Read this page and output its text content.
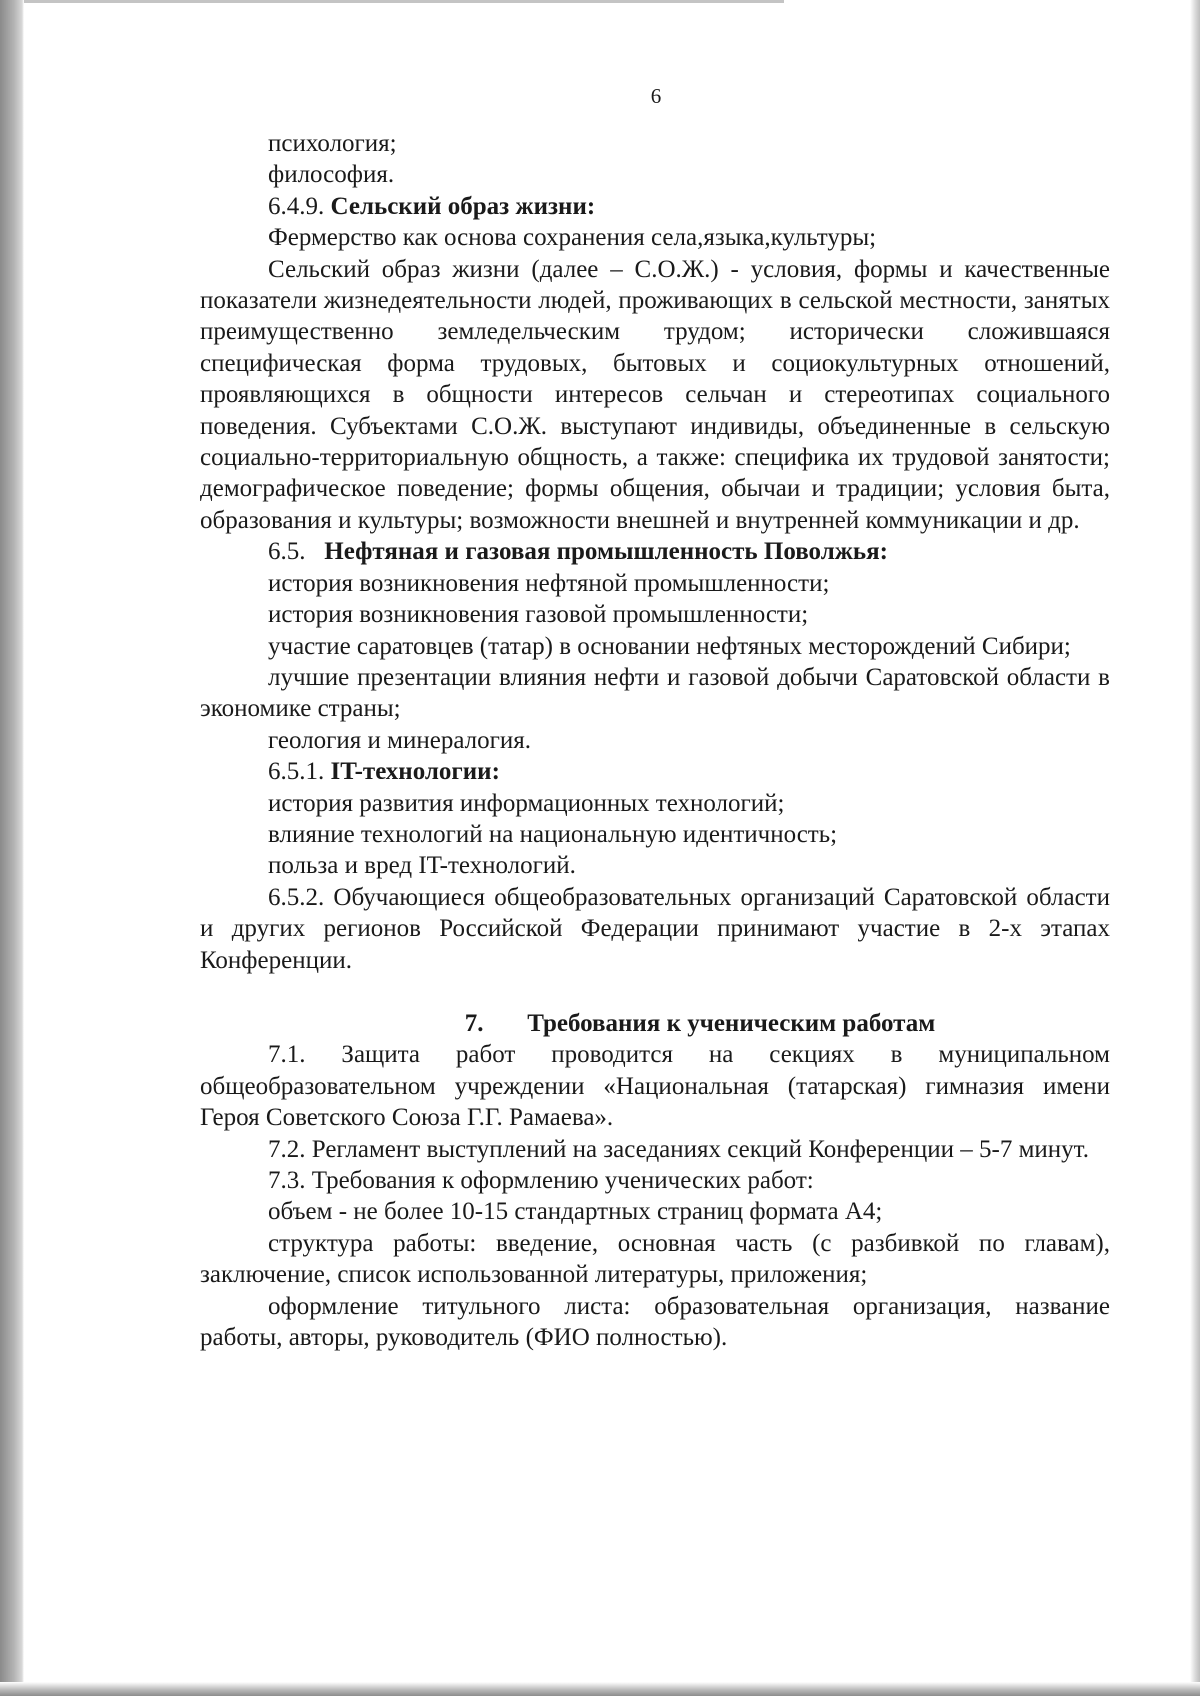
6

психология;

философия.

6.4.9. Сельский образ жизни:

Фермерство как основа сохранения села,языка,культуры;

Сельский образ жизни (далее – С.О.Ж.) - условия, формы и качественные показатели жизнедеятельности людей, проживающих в сельской местности, занятых преимущественно земледельческим трудом; исторически сложившаяся специфическая форма трудовых, бытовых и социокультурных отношений, проявляющихся в общности интересов сельчан и стереотипах социального поведения. Субъектами С.О.Ж. выступают индивиды, объединенные в сельскую социально-территориальную общность, а также: специфика их трудовой занятости; демографическое поведение; формы общения, обычаи и традиции; условия быта, образования и культуры; возможности внешней и внутренней коммуникации и др.

6.5. Нефтяная и газовая промышленность Поволжья:

история возникновения нефтяной промышленности;

история возникновения газовой промышленности;

участие саратовцев (татар) в основании нефтяных месторождений Сибири;

лучшие презентации влияния нефти и газовой добычи Саратовской области в экономике страны;

геология и минералогия.

6.5.1. IT-технологии:

история развития информационных технологий;

влияние технологий на национальную идентичность;

польза и вред IT-технологий.

6.5.2. Обучающиеся общеобразовательных организаций Саратовской области и других регионов Российской Федерации принимают участие в 2-х этапах Конференции.

7. Требования к ученическим работам

7.1. Защита работ проводится на секциях в муниципальном общеобразовательном учреждении «Национальная (татарская) гимназия имени Героя Советского Союза Г.Г. Рамаева».

7.2. Регламент выступлений на заседаниях секций Конференции – 5-7 минут.

7.3. Требования к оформлению ученических работ:

объем - не более 10-15 стандартных страниц формата А4;

структура работы: введение, основная часть (с разбивкой по главам), заключение, список использованной литературы, приложения;

оформление титульного листа: образовательная организация, название работы, авторы, руководитель (ФИО полностью).
